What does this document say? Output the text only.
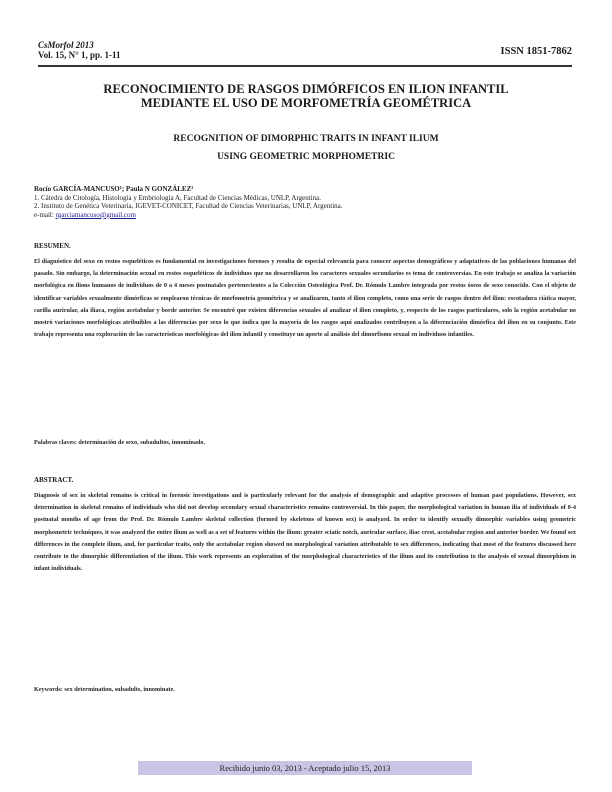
CsMorfol 2013
Vol. 15, N° 1, pp. 1-11	ISSN 1851-7862
RECONOCIMIENTO DE RASGOS DIMÓRFICOS EN ILION INFANTIL
MEDIANTE EL USO DE MORFOMETRÍA GEOMÉTRICA
RECOGNITION OF DIMORPHIC TRAITS IN INFANT ILIUM
USING GEOMETRIC MORPHOMETRIC
Rocío GARCÍA-MANCUSO¹; Paula N GONZÁLEZ²
1. Cátedra de Citología, Histología y Embriología A, Facultad de Ciencias Médicas, UNLP, Argentina.
2. Instituto de Genética Veterinaria, IGEVET-CONICET, Facultad de Ciencias Veterinarias, UNLP, Argentina.
e-mail: rgarciamancuso@gmail.com
RESUMEN.
El diagnóstico del sexo en restos esqueléticos es fundamental en investigaciones forenses y resulta de especial relevancia para conocer aspectos demográficos y adaptativos de las poblaciones humanas del pasado. Sin embargo, la determinación sexual en restos esqueléticos de individuos que no desarrollaron los caracteres sexuales secundarios es tema de controversias. En este trabajo se analiza la variación morfológica en ilions humanos de individuos de 0 a 4 meses postnatales pertenecientes a la Colección Osteológica Prof. Dr. Rómulo Lambre integrada por restos óseos de sexo conocido. Con el objeto de identificar variables sexualmente dimórficas se emplearon técnicas de morfometría geométrica y se analizaron, tanto el ilion completo, como una serie de rasgos dentro del ilion: escotadura ciática mayor, carilla auricular, ala ilíaca, región acetabular y borde anterior. Se encontró que existen diferencias sexuales al analizar el ilion completo, y, respecto de los rasgos particulares, solo la región acetabular no mostró variaciones morfológicas atribuibles a las diferencias por sexo lo que indica que la mayoría de los rasgos aquí analizados contribuyen a la diferenciación dimórfica del ilion en su conjunto. Este trabajo representa una exploración de las características morfológicas del ilion infantil y constituye un aporte al análisis del dimorfismo sexual en individuos infantiles.
Palabras claves: determinación de sexo, subadultos, innominado.
ABSTRACT.
Diagnosis of sex in skeletal remains is critical in forensic investigations and is particularly relevant for the analysis of demographic and adaptive processes of human past populations. However, sex determination in skeletal remains of individuals who did not develop secondary sexual characteristics remains controversial. In this paper, the morphological variation in human ilia of individuals of 0-4 postnatal months of age from the Prof. Dr. Rómulo Lambre skeletal collection (formed by skeletons of known sex) is analyzed. In order to identify sexually dimorphic variables using geometric morphometric techniques, it was analyzed the entire ilium as well as a set of features within the ilium: greater sciatic notch, auricular surface, iliac crest, acetabular region and anterior border. We found sex differences in the complete ilium, and, for particular traits, only the acetabular region showed no morphological variation attributable to sex differences, indicating that most of the features discussed here contribute to the dimorphic differentiation of the ilium. This work represents an exploration of the morphological characteristics of the ilium and its contribution to the analysis of sexual dimorphism in infant individuals.
Keywords: sex determination, subadults, innominate.
Recibido junio 03, 2013 - Aceptado julio 15, 2013
